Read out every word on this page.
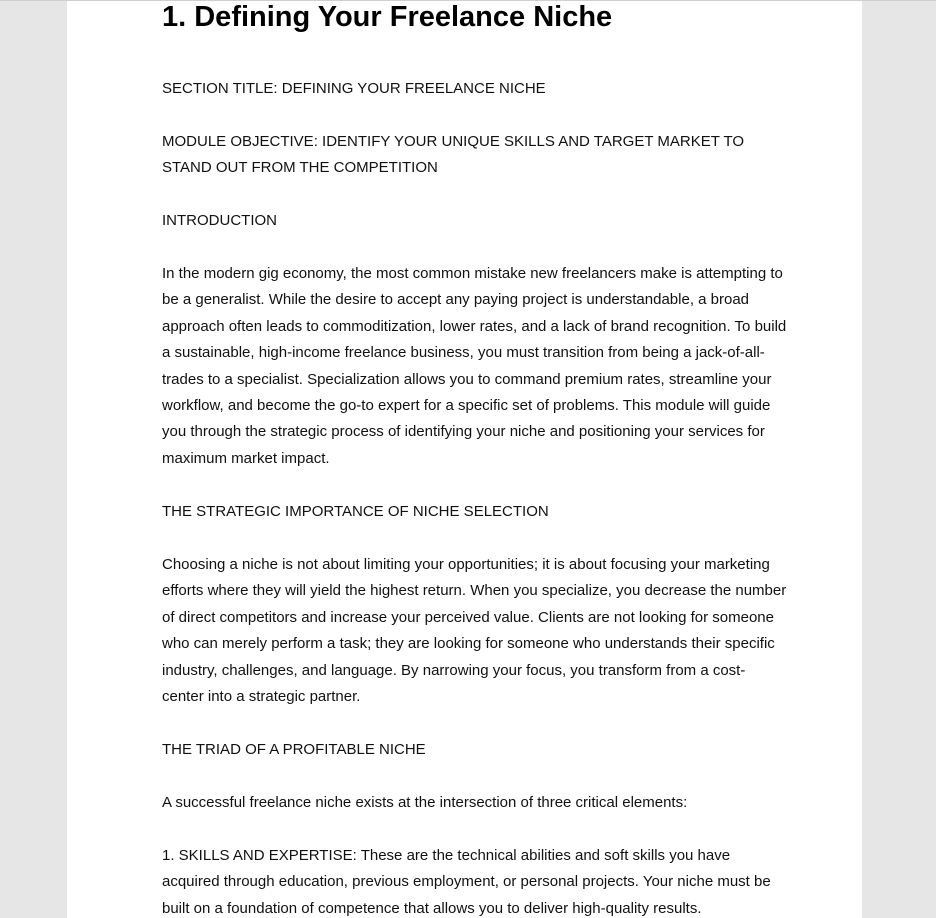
1. Defining Your Freelance Niche

SECTION TITLE: DEFINING YOUR FREELANCE NICHE

MODULE OBJECTIVE: IDENTIFY YOUR UNIQUE SKILLS AND TARGET MARKET TO STAND OUT FROM THE COMPETITION

INTRODUCTION

In the modern gig economy, the most common mistake new freelancers make is attempting to be a generalist. While the desire to accept any paying project is understandable, a broad approach often leads to commoditization, lower rates, and a lack of brand recognition. To build a sustainable, high-income freelance business, you must transition from being a jack-of-all-trades to a specialist. Specialization allows you to command premium rates, streamline your workflow, and become the go-to expert for a specific set of problems. This module will guide you through the strategic process of identifying your niche and positioning your services for maximum market impact.

THE STRATEGIC IMPORTANCE OF NICHE SELECTION

Choosing a niche is not about limiting your opportunities; it is about focusing your marketing efforts where they will yield the highest return. When you specialize, you decrease the number of direct competitors and increase your perceived value. Clients are not looking for someone who can merely perform a task; they are looking for someone who understands their specific industry, challenges, and language. By narrowing your focus, you transform from a cost-center into a strategic partner.

THE TRIAD OF A PROFITABLE NICHE

A successful freelance niche exists at the intersection of three critical elements:

1. SKILLS AND EXPERTISE: These are the technical abilities and soft skills you have acquired through education, previous employment, or personal projects. Your niche must be built on a foundation of competence that allows you to deliver high-quality results.
